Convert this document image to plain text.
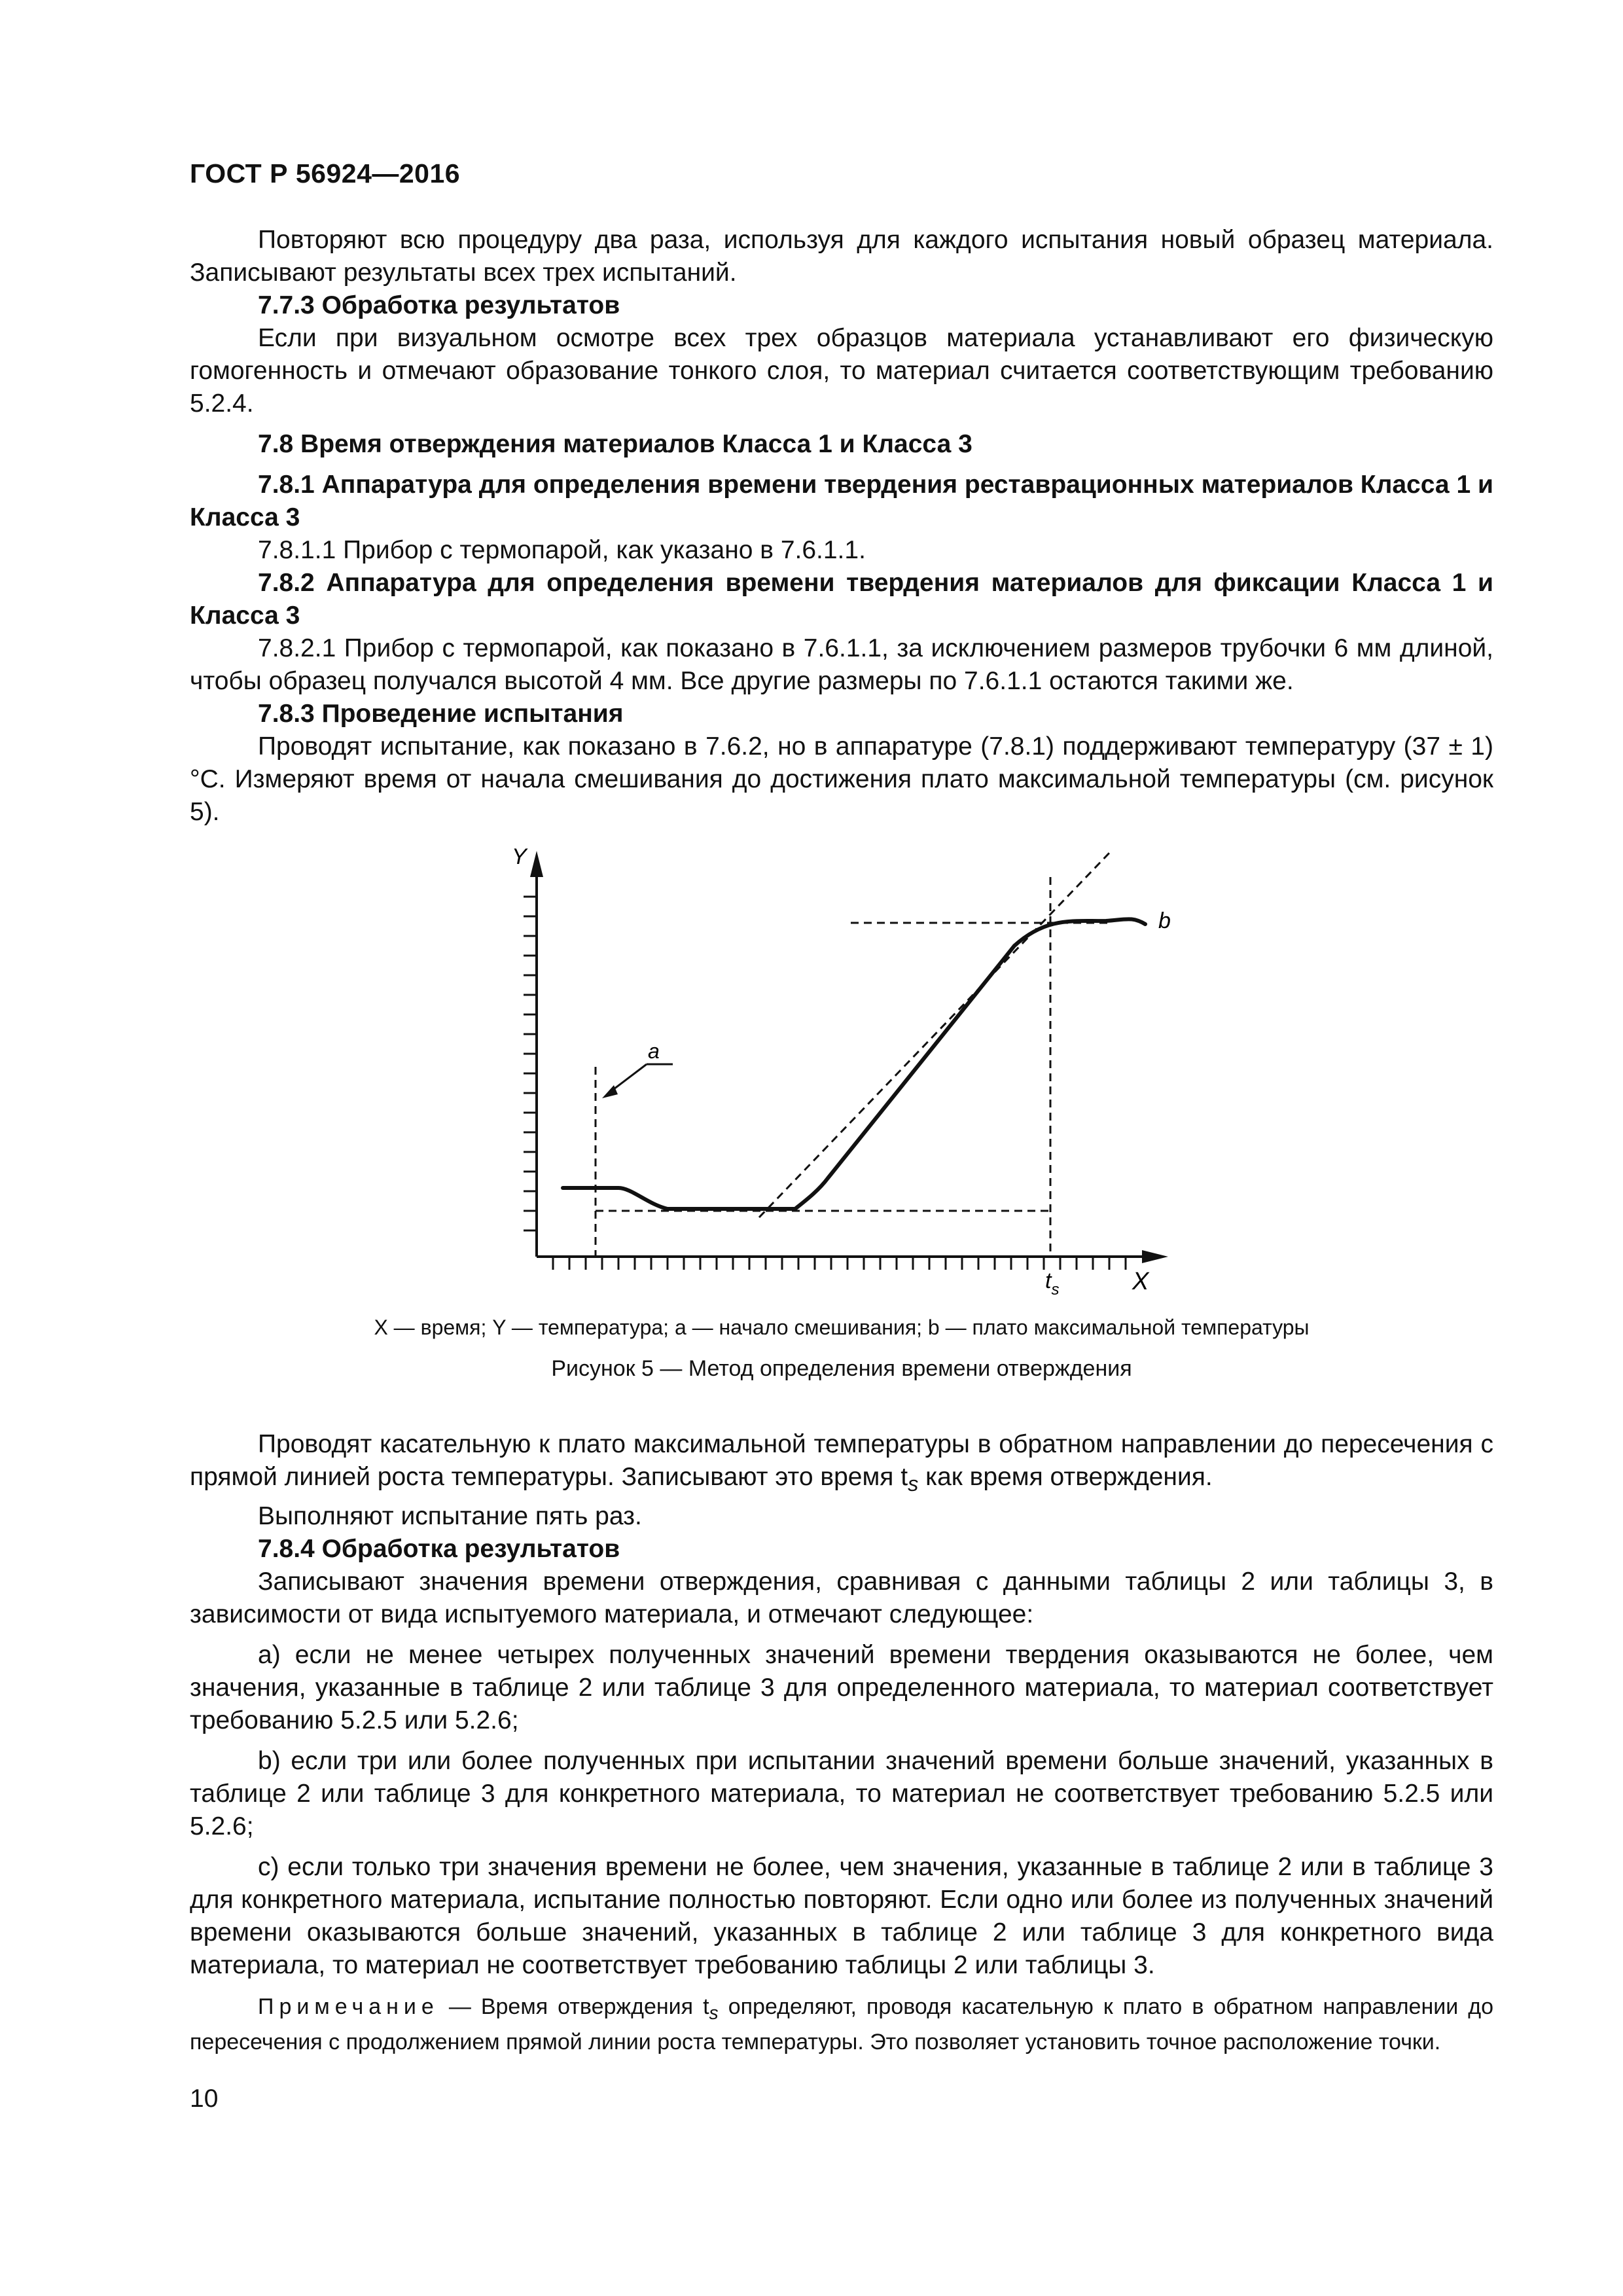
ГОСТ Р 56924—2016

Повторяют всю процедуру два раза, используя для каждого испытания новый образец материала. Записывают результаты всех трех испытаний.

7.7.3 Обработка результатов

Если при визуальном осмотре всех трех образцов материала устанавливают его физическую гомогенность и отмечают образование тонкого слоя, то материал считается соответствующим требованию 5.2.4.

7.8 Время отверждения материалов Класса 1 и Класса 3

7.8.1 Аппаратура для определения времени твердения реставрационных материалов Класса 1 и Класса 3

7.8.1.1 Прибор с термопарой, как указано в 7.6.1.1.

7.8.2 Аппаратура для определения времени твердения материалов для фиксации Класса 1 и Класса 3

7.8.2.1 Прибор с термопарой, как показано в 7.6.1.1, за исключением размеров трубочки 6 мм длиной, чтобы образец получался высотой 4 мм. Все другие размеры по 7.6.1.1 остаются такими же.

7.8.3 Проведение испытания

Проводят испытание, как показано в 7.6.2, но в аппаратуре (7.8.1) поддерживают температуру (37 ± 1) °С. Измеряют время от начала смешивания до достижения плато максимальной температуры (см. рисунок 5).

Y
X
a
b
$t_s$
X — время; Y — температура; a — начало смешивания; b — плато максимальной температуры
Рисунок 5 — Метод определения времени отверждения

Проводят касательную к плато максимальной температуры в обратном направлении до пересечения с прямой линией роста температуры. Записывают это время $t_s$ как время отверждения.

Выполняют испытание пять раз.

7.8.4 Обработка результатов

Записывают значения времени отверждения, сравнивая с данными таблицы 2 или таблицы 3, в зависимости от вида испытуемого материала, и отмечают следующее:

а) если не менее четырех полученных значений времени твердения оказываются не более, чем значения, указанные в таблице 2 или таблице 3 для определенного материала, то материал соответствует требованию 5.2.5 или 5.2.6;

b) если три или более полученных при испытании значений времени больше значений, указанных в таблице 2 или таблице 3 для конкретного материала, то материал не соответствует требованию 5.2.5 или 5.2.6;

с) если только три значения времени не более, чем значения, указанные в таблице 2 или в таблице 3 для конкретного материала, испытание полностью повторяют. Если одно или более из полученных значений времени оказываются больше значений, указанных в таблице 2 или таблице 3 для конкретного вида материала, то материал не соответствует требованию таблицы 2 или таблицы 3.

Примечание — Время отверждения $t_s$ определяют, проводя касательную к плато в обратном направлении до пересечения с продолжением прямой линии роста температуры. Это позволяет установить точное расположение точки.

10
